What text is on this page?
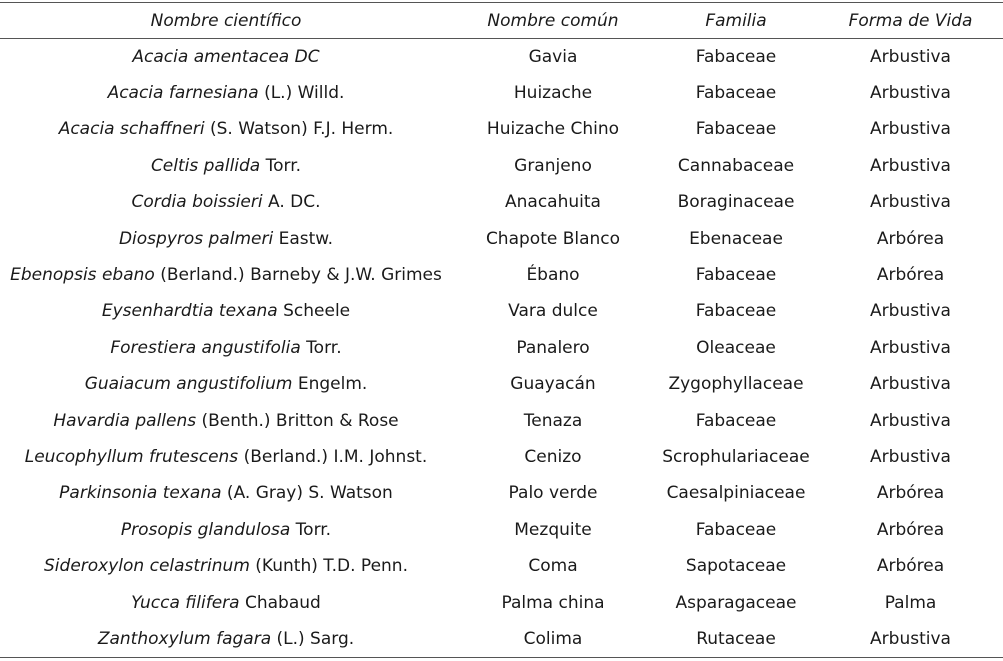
Nombre científico	Nombre común	Familia	Forma de Vida
Acacia amentacea DC	Gavia	Fabaceae	Arbustiva
Acacia farnesiana (L.) Willd.	Huizache	Fabaceae	Arbustiva
Acacia schaffneri (S. Watson) F.J. Herm.	Huizache Chino	Fabaceae	Arbustiva
Celtis pallida Torr.	Granjeno	Cannabaceae	Arbustiva
Cordia boissieri A. DC.	Anacahuita	Boraginaceae	Arbustiva
Diospyros palmeri Eastw.	Chapote Blanco	Ebenaceae	Arbórea
Ebenopsis ebano (Berland.) Barneby & J.W. Grimes	Ébano	Fabaceae	Arbórea
Eysenhardtia texana Scheele	Vara dulce	Fabaceae	Arbustiva
Forestiera angustifolia Torr.	Panalero	Oleaceae	Arbustiva
Guaiacum angustifolium Engelm.	Guayacán	Zygophyllaceae	Arbustiva
Havardia pallens (Benth.) Britton & Rose	Tenaza	Fabaceae	Arbustiva
Leucophyllum frutescens (Berland.) I.M. Johnst.	Cenizo	Scrophulariaceae	Arbustiva
Parkinsonia texana (A. Gray) S. Watson	Palo verde	Caesalpiniaceae	Arbórea
Prosopis glandulosa Torr.	Mezquite	Fabaceae	Arbórea
Sideroxylon celastrinum (Kunth) T.D. Penn.	Coma	Sapotaceae	Arbórea
Yucca filifera Chabaud	Palma china	Asparagaceae	Palma
Zanthoxylum fagara (L.) Sarg.	Colima	Rutaceae	Arbustiva
